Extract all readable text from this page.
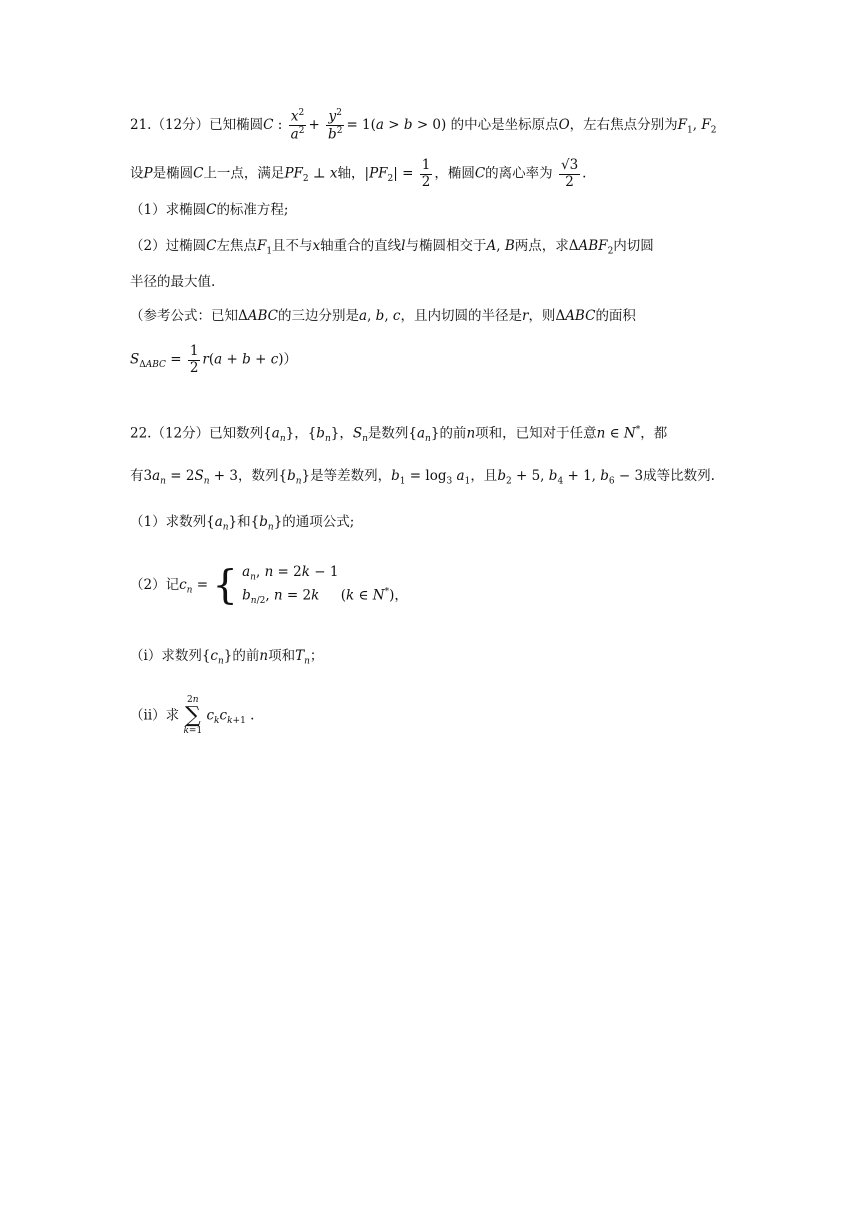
21.（12分）已知椭圆C : $\frac{x^2}{a^2} + \frac{y^2}{b^2} = 1(a > b > 0)$ 的中心是坐标原点O，左右焦点分别为$F_1$, $F_2$
设P是椭圆C上一点，满足$PF_2$ ⊥ x轴，$|PF_2| = \frac{1}{2}$ ，椭圆C的离心率为 $\frac{√3}{2}$ .
（1）求椭圆C的标准方程;
（2）过椭圆C左焦点$F_1$且不与x轴重合的直线l与椭圆相交于A, B两点，求$\Delta ABF_2$内切圆
半径的最大值.
（参考公式：已知ΔABC的三边分别是a, b, c，且内切圆的半径是r，则ΔABC的面积
$S_{\Delta ABC} = \frac{1}{2} r(a + b + c)$）
22.（12分）已知数列$\{a_n\}$，$\{b_n\}$，$S_n$是数列$\{a_n\}$的前n项和，已知对于任意n ∈ N*，都
有$3a_n = 2S_n + 3$，数列$\{b_n\}$是等差数列，$b_1 = \log_3 a_1$，且$b_2 + 5$, $b_4 + 1$, $b_6 - 3$成等比数列.
（1）求数列$\{a_n\}$和$\{b_n\}$的通项公式;
（2）记$c_n$ = { $a_n$, n = 2k − 1
$b_{n/2}$, n = 2k     (k ∈ N*)，
（i）求数列$\{c_n\}$的前n项和$T_n$；
（ii）求
2n
∑
k=1
$c_kc_{k+1}$ .
